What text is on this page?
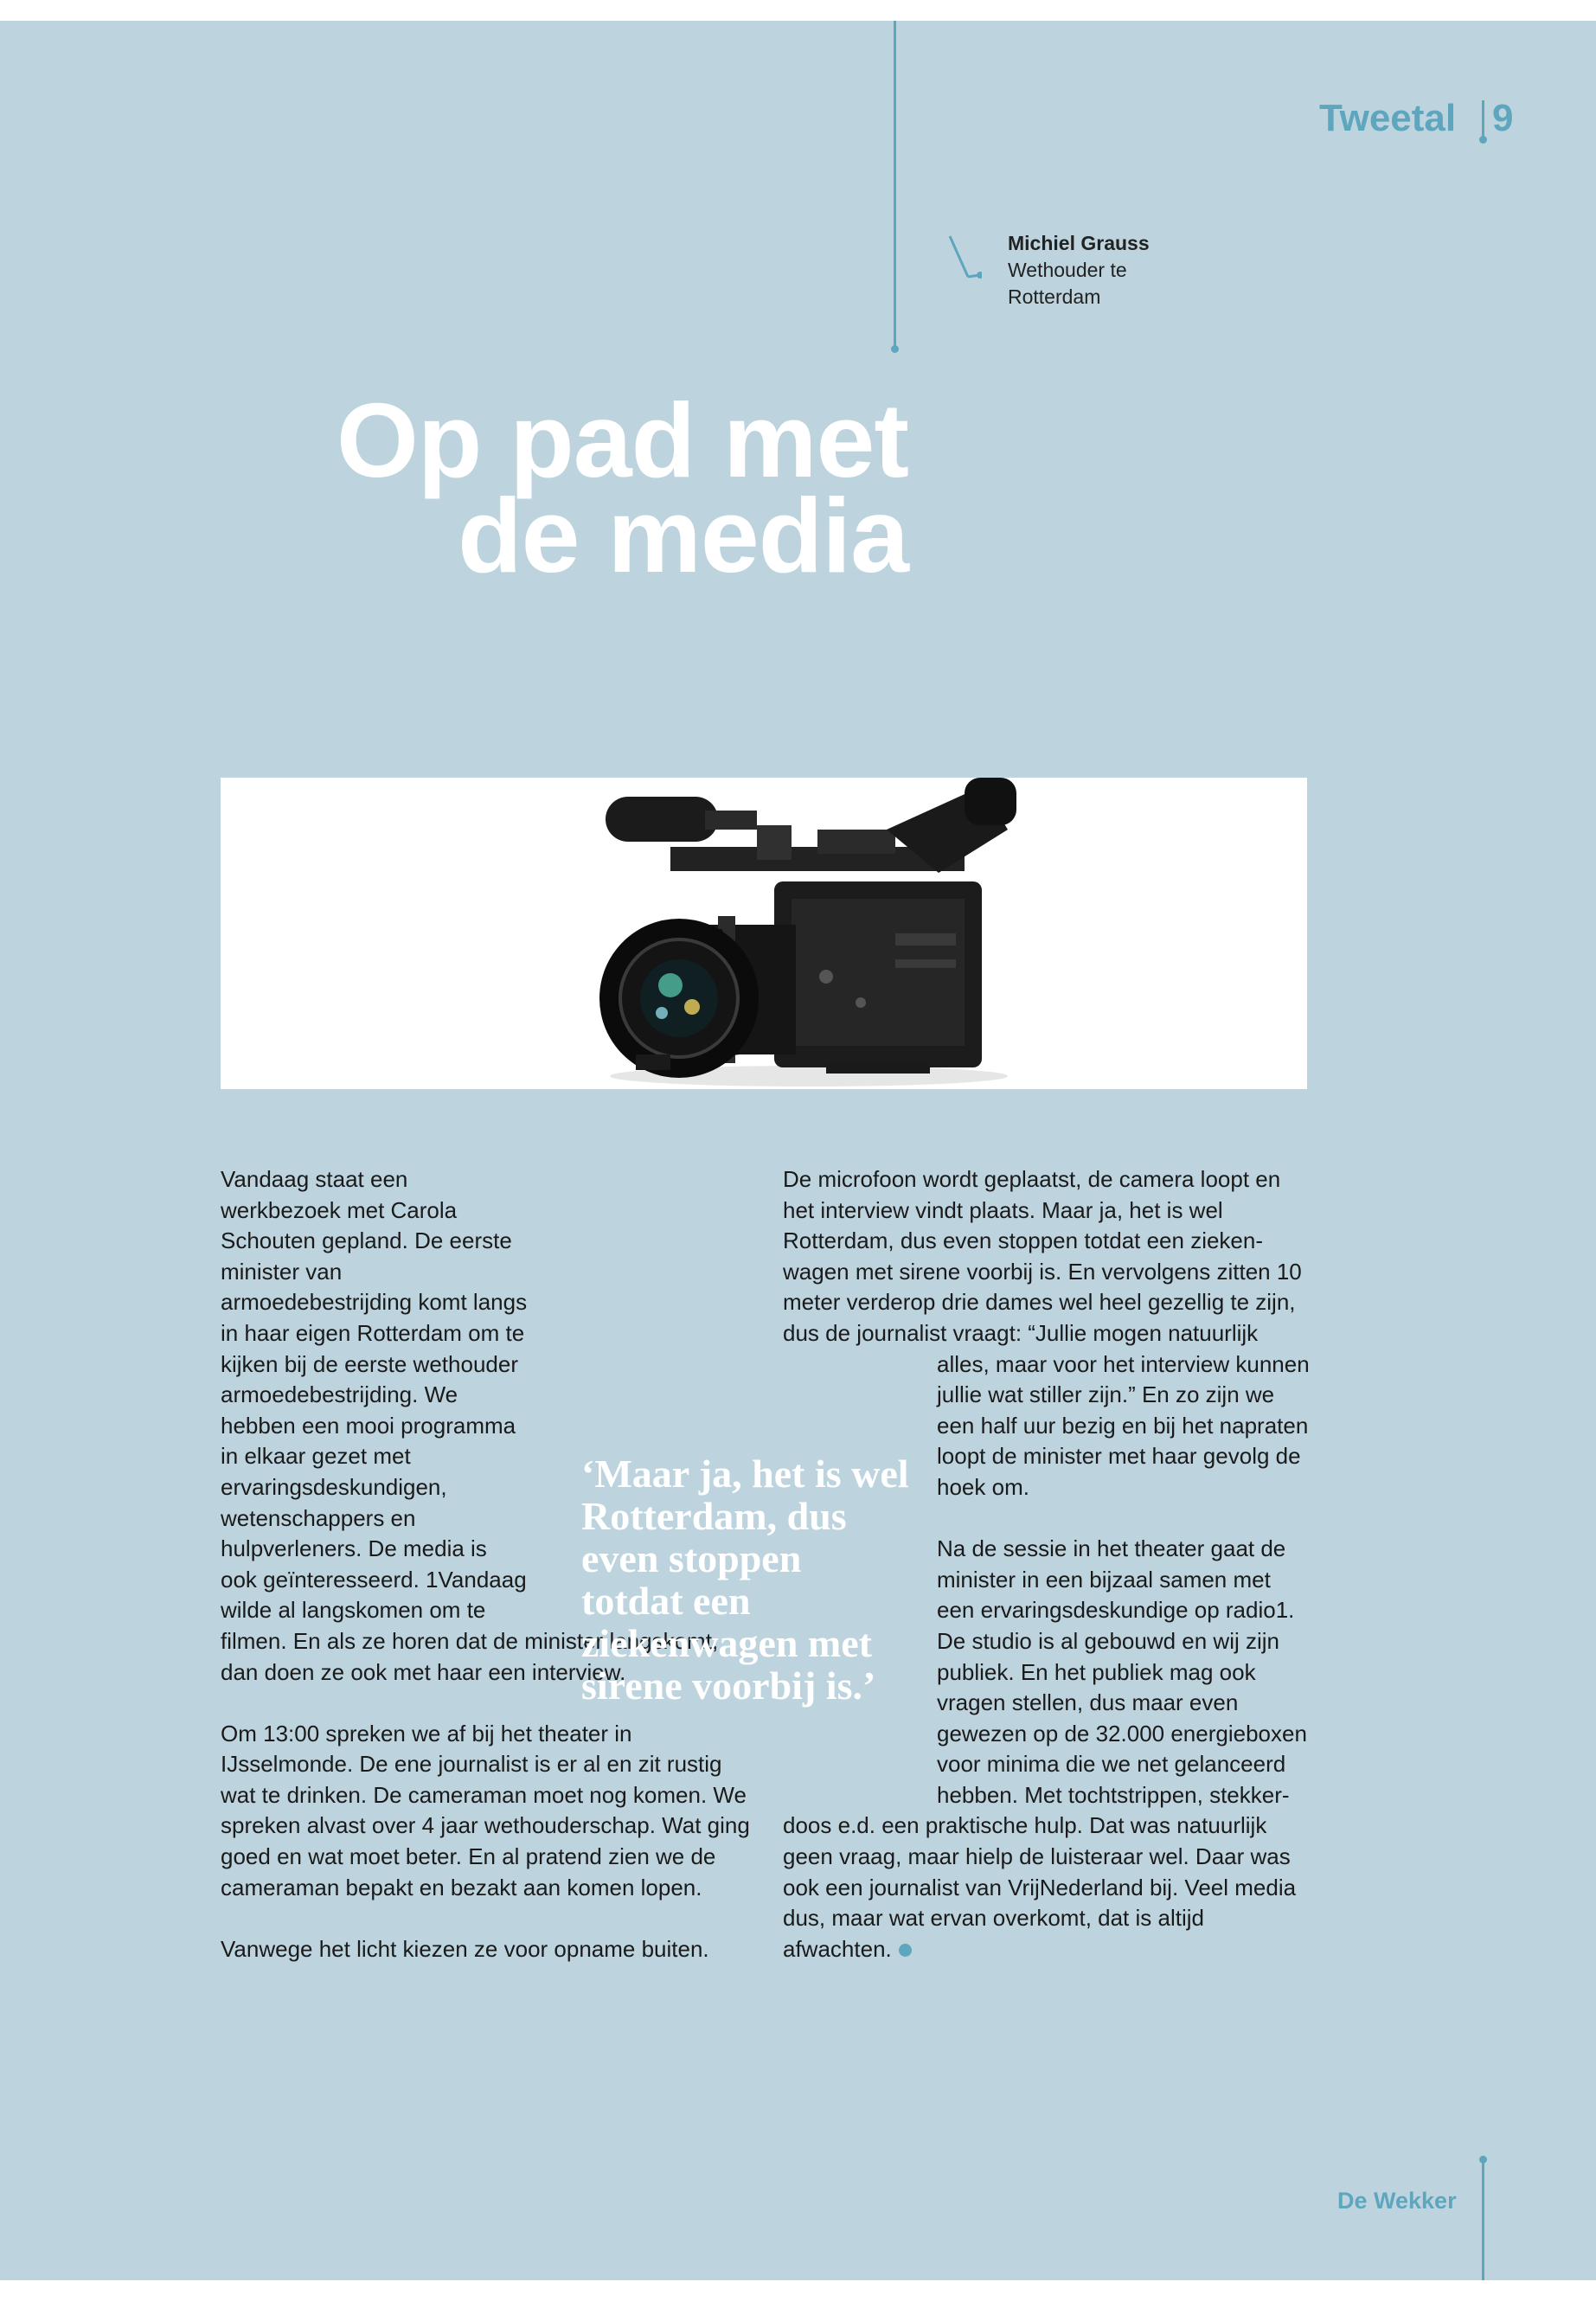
Tweetal 9
Michiel Grauss
Wethouder te
Rotterdam
Op pad met
de media

Vandaag staat een werkbezoek met Carola Schouten gepland. De eerste minister van armoedebestrijding komt langs in haar eigen Rotterdam om te kijken bij de eerste wethouder armoedebestrijding. We hebben een mooi programma in elkaar gezet met ervaringsdeskundigen, wetenschappers en hulpverleners. De media is ook geïnteresseerd. 1Vandaag wilde al langskomen om te filmen. En als ze horen dat de minister langskomt, dan doen ze ook met haar een interview.

Om 13:00 spreken we af bij het theater in IJsselmonde. De ene journalist is er al en zit rustig wat te drinken. De cameraman moet nog komen. We spreken alvast over 4 jaar wethouderschap. Wat ging goed en wat moet beter. En al pratend zien we de cameraman bepakt en bezakt aan komen lopen.

Vanwege het licht kiezen ze voor opname buiten.

De microfoon wordt geplaatst, de camera loopt en het interview vindt plaats. Maar ja, het is wel Rotterdam, dus even stoppen totdat een ziekenwagen met sirene voorbij is. En vervolgens zitten 10 meter verderop drie dames wel heel gezellig te zijn, dus de journalist vraagt: “Jullie mogen natuurlijk alles, maar voor het interview kunnen jullie wat stiller zijn.” En zo zijn we een half uur bezig en bij het napraten loopt de minister met haar gevolg de hoek om.

Na de sessie in het theater gaat de minister in een bijzaal samen met een ervaringsdeskundige op radio1. De studio is al gebouwd en wij zijn publiek. En het publiek mag ook vragen stellen, dus maar even gewezen op de 32.000 energieboxen voor minima die we net gelanceerd hebben. Met tochtstrippen, stekkerdoos e.d. een praktische hulp. Dat was natuurlijk geen vraag, maar hielp de luisteraar wel. Daar was ook een journalist van VrijNederland bij. Veel media dus, maar wat ervan overkomt, dat is altijd afwachten.

‘Maar ja, het is wel Rotterdam, dus even stoppen totdat een ziekenwagen met sirene voorbij is.’
De Wekker
